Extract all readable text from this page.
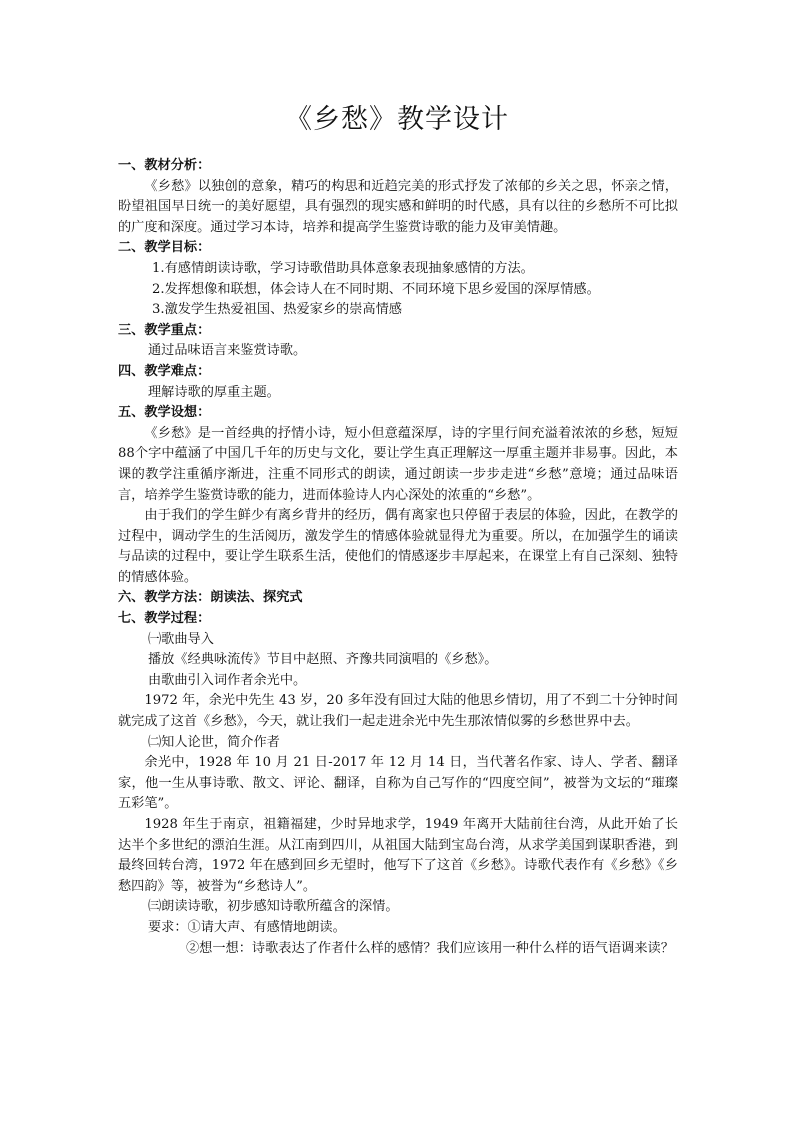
《乡愁》教学设计

一、教材分析：

《乡愁》以独创的意象，精巧的构思和近趋完美的形式抒发了浓郁的乡关之思，怀亲之情，盼望祖国早日统一的美好愿望，具有强烈的现实感和鲜明的时代感，具有以往的乡愁所不可比拟的广度和深度。通过学习本诗，培养和提高学生鉴赏诗歌的能力及审美情趣。

二、教学目标：

1.有感情朗读诗歌，学习诗歌借助具体意象表现抽象感情的方法。

2.发挥想像和联想，体会诗人在不同时期、不同环境下思乡爱国的深厚情感。

3.激发学生热爱祖国、热爱家乡的崇高情感

三、教学重点：

通过品味语言来鉴赏诗歌。

四、教学难点：

理解诗歌的厚重主题。

五、教学设想：

《乡愁》是一首经典的抒情小诗，短小但意蕴深厚，诗的字里行间充溢着浓浓的乡愁，短短88个字中蕴涵了中国几千年的历史与文化，要让学生真正理解这一厚重主题并非易事。因此，本课的教学注重循序渐进，注重不同形式的朗读，通过朗读一步步走进“乡愁”意境；通过品味语言，培养学生鉴赏诗歌的能力，进而体验诗人内心深处的浓重的“乡愁”。

由于我们的学生鲜少有离乡背井的经历，偶有离家也只停留于表层的体验，因此，在教学的过程中，调动学生的生活阅历，激发学生的情感体验就显得尤为重要。所以，在加强学生的诵读与品读的过程中，要让学生联系生活，使他们的情感逐步丰厚起来，在课堂上有自己深刻、独特的情感体验。

六、教学方法：朗读法、探究式

七、教学过程：

㈠歌曲导入

播放《经典咏流传》节目中赵照、齐豫共同演唱的《乡愁》。

由歌曲引入词作者余光中。

1972 年，余光中先生 43 岁，20 多年没有回过大陆的他思乡情切，用了不到二十分钟时间就完成了这首《乡愁》，今天，就让我们一起走进余光中先生那浓情似雾的乡愁世界中去。

㈡知人论世，简介作者

余光中，1928 年 10 月 21 日-2017 年 12 月 14 日，当代著名作家、诗人、学者、翻译家，他一生从事诗歌、散文、评论、翻译，自称为自己写作的“四度空间”，被誉为文坛的“璀璨五彩笔”。

1928 年生于南京，祖籍福建，少时异地求学，1949 年离开大陆前往台湾，从此开始了长达半个多世纪的漂泊生涯。从江南到四川，从祖国大陆到宝岛台湾，从求学美国到谋职香港，到最终回转台湾，1972 年在感到回乡无望时，他写下了这首《乡愁》。诗歌代表作有《乡愁》《乡愁四韵》等，被誉为“乡愁诗人”。

㈢朗读诗歌，初步感知诗歌所蕴含的深情。

要求：①请大声、有感情地朗读。

②想一想：诗歌表达了作者什么样的感情？我们应该用一种什么样的语气语调来读？
